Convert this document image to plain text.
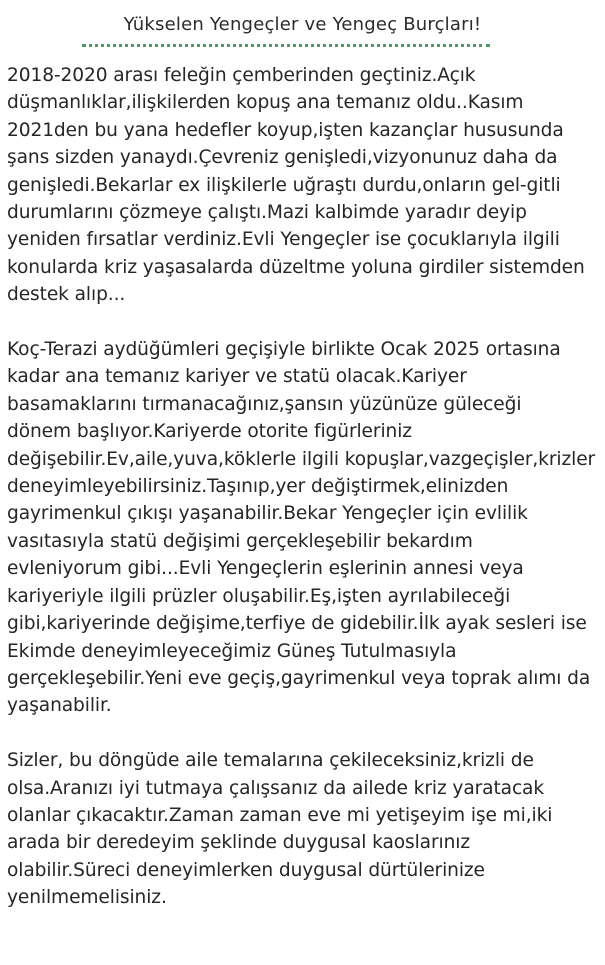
Yükselen Yengeçler ve Yengeç Burçları!
2018-2020 arası feleğin çemberinden geçtiniz.Açık
düşmanlıklar,ilişkilerden kopuş ana temanız oldu..Kasım
2021den bu yana hedefler koyup,işten kazançlar hususunda
şans sizden yanaydı.Çevreniz genişledi,vizyonunuz daha da
genişledi.Bekarlar ex ilişkilerle uğraştı durdu,onların gel-gitli
durumlarını çözmeye çalıştı.Mazi kalbimde yaradır deyip
yeniden fırsatlar verdiniz.Evli Yengeçler ise çocuklarıyla ilgili
konularda kriz yaşasalarda düzeltme yoluna girdiler sistemden
destek alıp...
Koç-Terazi aydüğümleri geçişiyle birlikte Ocak 2025 ortasına
kadar ana temanız kariyer ve statü olacak.Kariyer
basamaklarını tırmanacağınız,şansın yüzünüze güleceği
dönem başlıyor.Kariyerde otorite figürleriniz
değişebilir.Ev,aile,yuva,köklerle ilgili kopuşlar,vazgeçişler,krizler
deneyimleyebilirsiniz.Taşınıp,yer değiştirmek,elinizden
gayrimenkul çıkışı yaşanabilir.Bekar Yengeçler için evlilik
vasıtasıyla statü değişimi gerçekleşebilir bekardım
evleniyorum gibi...Evli Yengeçlerin eşlerinin annesi veya
kariyeriyle ilgili prüzler oluşabilir.Eş,işten ayrılabileceği
gibi,kariyerinde değişime,terfiye de gidebilir.İlk ayak sesleri ise
Ekimde deneyimleyeceğimiz Güneş Tutulmasıyla
gerçekleşebilir.Yeni eve geçiş,gayrimenkul veya toprak alımı da
yaşanabilir.
Sizler, bu döngüde aile temalarına çekileceksiniz,krizli de
olsa.Aranızı iyi tutmaya çalışsanız da ailede kriz yaratacak
olanlar çıkacaktır.Zaman zaman eve mi yetişeyim işe mi,iki
arada bir deredeyim şeklinde duygusal kaoslarınız
olabilir.Süreci deneyimlerken duygusal dürtülerinize
yenilmemelisiniz.
